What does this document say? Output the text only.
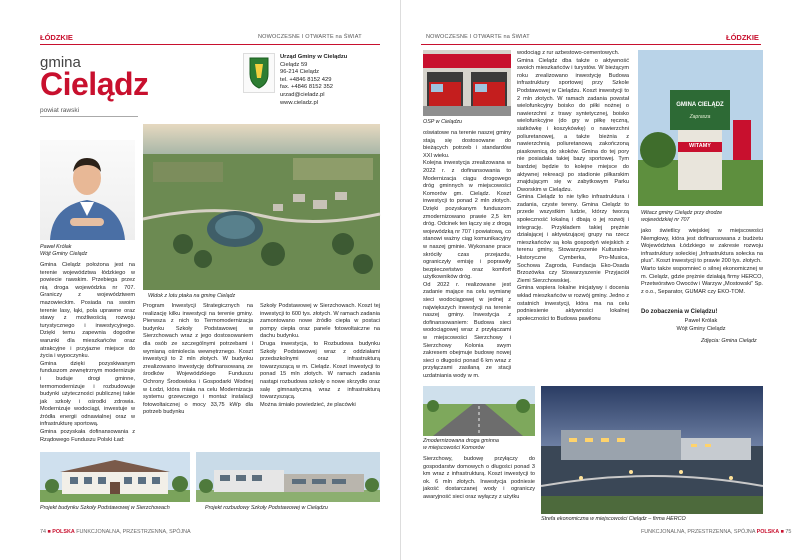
ŁÓDZKIE	NOWOCZESNE I OTWARTE na ŚWIAT
gmina
Cielądz
powiat rawski
Urząd Gminy w Cielądzu
Cielądz 59
96-214 Cielądz
tel. +4846 8152 429
fax. +4846 8152 352
urzad@cieladz.pl
www.cieladz.pl
Paweł Królak
Wójt Gminy Cielądz
Gmina Cielądz położona jest na terenie województwa łódzkiego w powiecie rawskim. Przebiega przez nią droga wojewódzka nr 707. Graniczy z województwem mazowieckim. Posiada na swoim terenie lasy, łąki, pola uprawne oraz stawy z możliwością rozwoju turystycznego i inwestycyjnego. Dzięki temu zapewnia dogodne warunki dla mieszkańców oraz atrakcyjne i przyjazne miejsce do życia i wypoczynku.
Gmina dzięki pozyskiwanym funduszom zewnętrznym modernizuje i buduje drogi gminne, termomodernizuje i rozbudowuje budynki użyteczności publicznej takie jak szkoły i ośrodki zdrowia. Modernizuje wodociągi, inwestuje w źródła energii odnawialnej oraz w infrastrukturę sportową.
Gmina pozyskała dofinansowania z Rządowego Funduszu Polski Ład:
Widok z lotu ptaka na gminę Cielądz
Program Inwestycji Strategicznych na realizację kilku inwestycji na terenie gminy. Pierwsza z nich to Termomodernizacja budynku Szkoły Podstawowej w Sierzchowach wraz z jego dostosowaniem dla osób ze szczególnymi potrzebami i wymianą ośmiolecia wewnętrznego. Koszt inwestycji to 2 mln złotych. W budynku zrealizowano inwestycję dofinansowaną ze środków Wojewódzkiego Funduszu Ochrony Środowiska i Gospodarki Wodnej w Łodzi, która miała na celu Modernizacja systemu grzewczego i montaż instalacji fotowoltaicznej o mocy 33,75 kWp dla potrzeb budynku
Szkoły Podstawowej w Sierzchowach. Koszt tej inwestycji to 600 tys. złotych. W ramach zadania zamontowano nowe źródło ciepła w postaci pompy ciepła oraz panele fotowoltaiczne na dachu budynku.
Druga inwestycja, to Rozbudowa budynku Szkoły Podstawowej wraz z oddziałami przedszkolnymi oraz infrastrukturą towarzyszącą w m. Cielądz. Koszt inwestycji to ponad 15 mln złotych. W ramach zadania nastąpi rozbudowa szkoły o nowe skrzydło oraz salę gimnastyczną wraz z infrastrukturą towarzyszącą.
Można śmiało powiedzieć, że placówki
Projekt budynku Szkoły Podstawowej w Sierzchowach	Projekt rozbudowy Szkoły Podstawowej w Cielądzu
74 ■ POLSKA FUNKCJONALNA, PRZESTRZENNA, SPÓJNA
NOWOCZESNE I OTWARTE na ŚWIAT	ŁÓDZKIE
OSP w Cielądzu
oświatowe na terenie naszej gminy stają się dostosowane do bieżących potrzeb i standardów XXI wieku.
Kolejna inwestycja zrealizowana w 2022 r. z dofinansowania to Modernizacja ciągu drogowego dróg gminnych w miejscowości Komorów gm. Cielądz. Koszt inwestycji to ponad 2 mln złotych. Dzięki pozyskanym funduszom zmodernizowano prawie 2,5 km dróg. Odcinek ten łączy się z drogą wojewódzką nr 707 i powiatową, co stanowi ważny ciąg komunikacyjny w naszej gminie. Wykonane prace skróciły czas przejazdu, ograniczyły emisję i poprawiły bezpieczeństwo oraz komfort użytkowników dróg.
Od 2022 r. realizowane jest zadanie mające na celu wymianę sieci wodociągowej w jednej z największych inwestycji na terenie naszej gminy. Inwestycja z dofinansowaniem: Budowa sieci wodociągowej wraz z przyłączami w miejscowości Sierzchowy i Sierzchowy Kolonia swym zakresem obejmuje budowę nowej sieci o długości ponad 6 km wraz z przyłączami zasilaną ze stacji uzdatniania wody w m.
Zmodernizowana droga gminna
w miejscowości Komorów
Sierzchowy, budowę przyłączy do gospodarstw domowych o długości ponad 3 km wraz z infrastrukturą. Koszt inwestycji to ok. 6 mln złotych. Inwestycja podniesie jakość dostarczanej wody i ograniczy awaryjność sieci oraz wyłączy z użytku
wodociąg z rur azbestowo-cementowych.
Gmina Cielądz dba także o aktywność swoich mieszkańców i turystów. W bieżącym roku zrealizowano inwestycję Budowa infrastruktury sportowej przy Szkole Podstawowej w Cielądzu. Koszt inwestycji to 2 mln złotych. W ramach zadania powstał wielofunkcyjny boisko do piłki nożnej o nawierzchni z trawy syntetycznej, boisko wielofunkcyjne (do gry w piłkę ręczną, siatkówkę i koszykówkę) o nawierzchni poliuretanowej, a także bieżnia z nawierzchnią poliuretanową zakończoną piaskownicą do skoków. Gmina do tej pory nie posiadała takiej bazy sportowej. Tym bardziej będzie to kolejne miejsce do aktywnej rekreacji po stadionie piłkarskim znajdującym się w zabytkowym Parku Dworskim w Cielądzu.
Gmina Cielądz to nie tylko infrastruktura i zadania, czyste tereny. Gmina Cielądz to przede wszystkim ludzie, którzy tworzą społeczność lokalną i dbają o jej rozwój i integrację. Przykładem takiej prężnie działającej i aktywizującej grupy na rzecz mieszkańców są koła gospodyń wiejskich z terenu gminy, Stowarzyszenie Kulturalno-Historyczne Cymberka, Pro-Musica, Sochowa Zagroda, Fundacja Eko-Osada Brzozówka czy Stowarzyszenie Przyjaciół Ziemi Sierzchowskiej.
Gmina wspiera lokalne inicjatywy i docenia wkład mieszkańców w rozwój gminy. Jedno z ostatnich inwestycji, która ma na celu podniesienie aktywności lokalnej społeczności to Budowa pawilonu
GMINA CIELĄDZ
Zaprasza
WITAMY
Witacz gminy Cielądz przy drodze
wojewódzkiej nr 707
jako świetlicy wiejskiej w miejscowości Niemgłowy, która jest dofinansowana z budżetu Województwa Łódzkiego w zakresie rozwoju infrastruktury sołeckiej „Infrastruktura sołecka na plus”. Koszt inwestycji to prawie 200 tys. złotych.
Warto także wspomnieć o silnej ekonomicznej w m. Cielądz, gdzie prężnie działają firmy HERCO, Przetwórstwo Owoców i Warzyw „Mostowski” Sp. z o.o., Separator, GUMAR czy EKO-TOM.
Do zobaczenia w Cielądzu!
Paweł Królak
Wójt Gminy Cielądz
Zdjęcia: Gmina Cielądz
Strefa ekonomiczna w miejscowości Cielądz – firma HERCO
FUNKCJONALNA, PRZESTRZENNA, SPÓJNA POLSKA ■ 75
